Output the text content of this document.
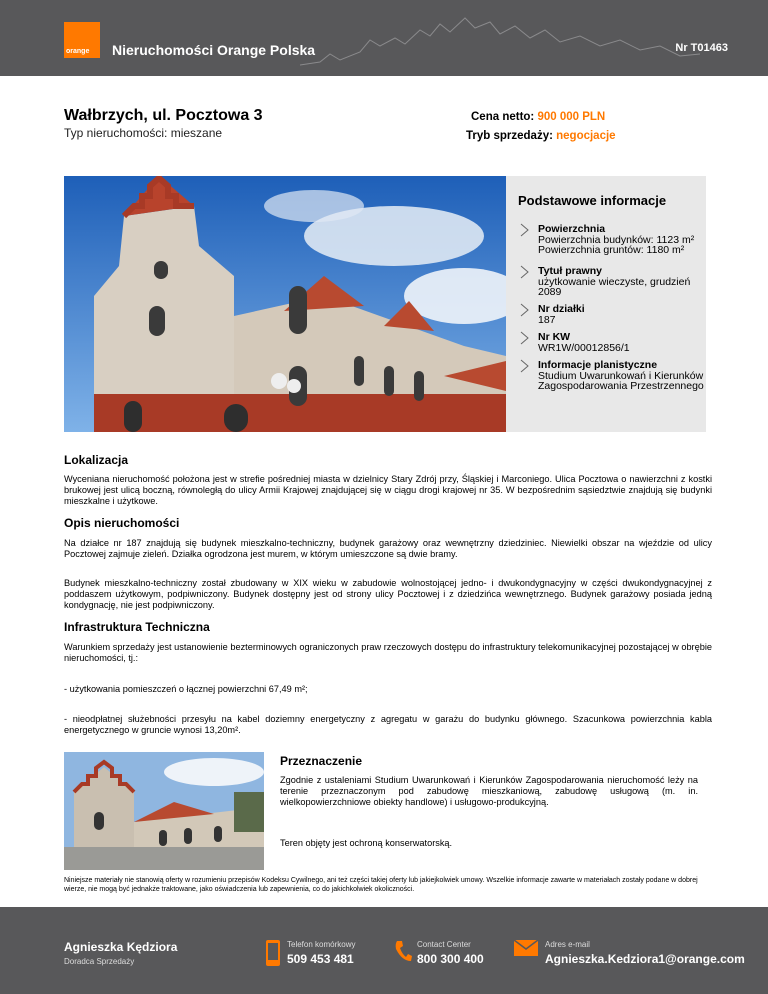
orange Nieruchomości Orange Polska	Nr T01463
Wałbrzych, ul. Pocztowa 3
Typ nieruchomości: mieszane
Cena netto: 900 000 PLN
Tryb sprzedaży: negocjacje
Podstawowe informacje
Powierzchnia
Powierzchnia budynków: 1123 m²
Powierzchnia gruntów: 1180 m²
Tytuł prawny
użytkowanie wieczyste, grudzień 2089
Nr działki
187
Nr KW
WR1W/00012856/1
Informacje planistyczne
Studium Uwarunkowań i Kierunków Zagospodarowania Przestrzennego
Lokalizacja
Wyceniana nieruchomość położona jest w strefie pośredniej miasta w dzielnicy Stary Zdrój przy, Śląskiej i Marconiego. Ulica Pocztowa o nawierzchni z kostki brukowej jest ulicą boczną, równoległą do ulicy Armii Krajowej znajdującej się w ciągu drogi krajowej nr 35. W bezpośrednim sąsiedztwie znajdują się budynki mieszkalne i użytkowe.
Opis nieruchomości
Na działce nr 187 znajdują się budynek mieszkalno-techniczny, budynek garażowy oraz wewnętrzny dziedziniec. Niewielki obszar na wjeździe od ulicy Pocztowej zajmuje zieleń. Działka ogrodzona jest murem, w którym umieszczone są dwie bramy.
Budynek mieszkalno-techniczny został zbudowany w XIX wieku w zabudowie wolnostojącej jedno- i dwukondygnacyjny w części dwukondygnacyjnej z poddaszem użytkowym, podpiwniczony. Budynek dostępny jest od strony ulicy Pocztowej i z dziedzińca wewnętrznego. Budynek garażowy posiada jedną kondygnację, nie jest podpiwniczony.
Infrastruktura Techniczna
Warunkiem sprzedaży jest ustanowienie bezterminowych ograniczonych praw rzeczowych dostępu do infrastruktury telekomunikacyjnej pozostającej w obrębie nieruchomości, tj.:
- użytkowania pomieszczeń o łącznej powierzchni 67,49 m²;
- nieodpłatnej służebności przesyłu na kabel doziemny energetyczny z agregatu w garażu do budynku głównego. Szacunkowa powierzchnia kabla energetycznego w gruncie wynosi 13,20m².
Przeznaczenie
Zgodnie z ustaleniami Studium Uwarunkowań i Kierunków Zagospodarowania nieruchomość leży na terenie przeznaczonym pod zabudowę mieszkaniową, zabudowę usługową (m. in. wielkopowierzchniowe obiekty handlowe) i usługowo-produkcyjną.
Teren objęty jest ochroną konserwatorską.
Niniejsze materiały nie stanowią oferty w rozumieniu przepisów Kodeksu Cywilnego, ani też części takiej oferty lub jakiejkolwiek umowy. Wszelkie informacje zawarte w materiałach zostały podane w dobrej wierze, nie mogą być jednakże traktowane, jako oświadczenia lub zapewnienia, co do jakichkolwiek okoliczności.
Agnieszka Kędziora
Doradca Sprzedaży
Telefon komórkowy
509 453 481
Contact Center
800 300 400
Adres e-mail
Agnieszka.Kedziora1@orange.com
